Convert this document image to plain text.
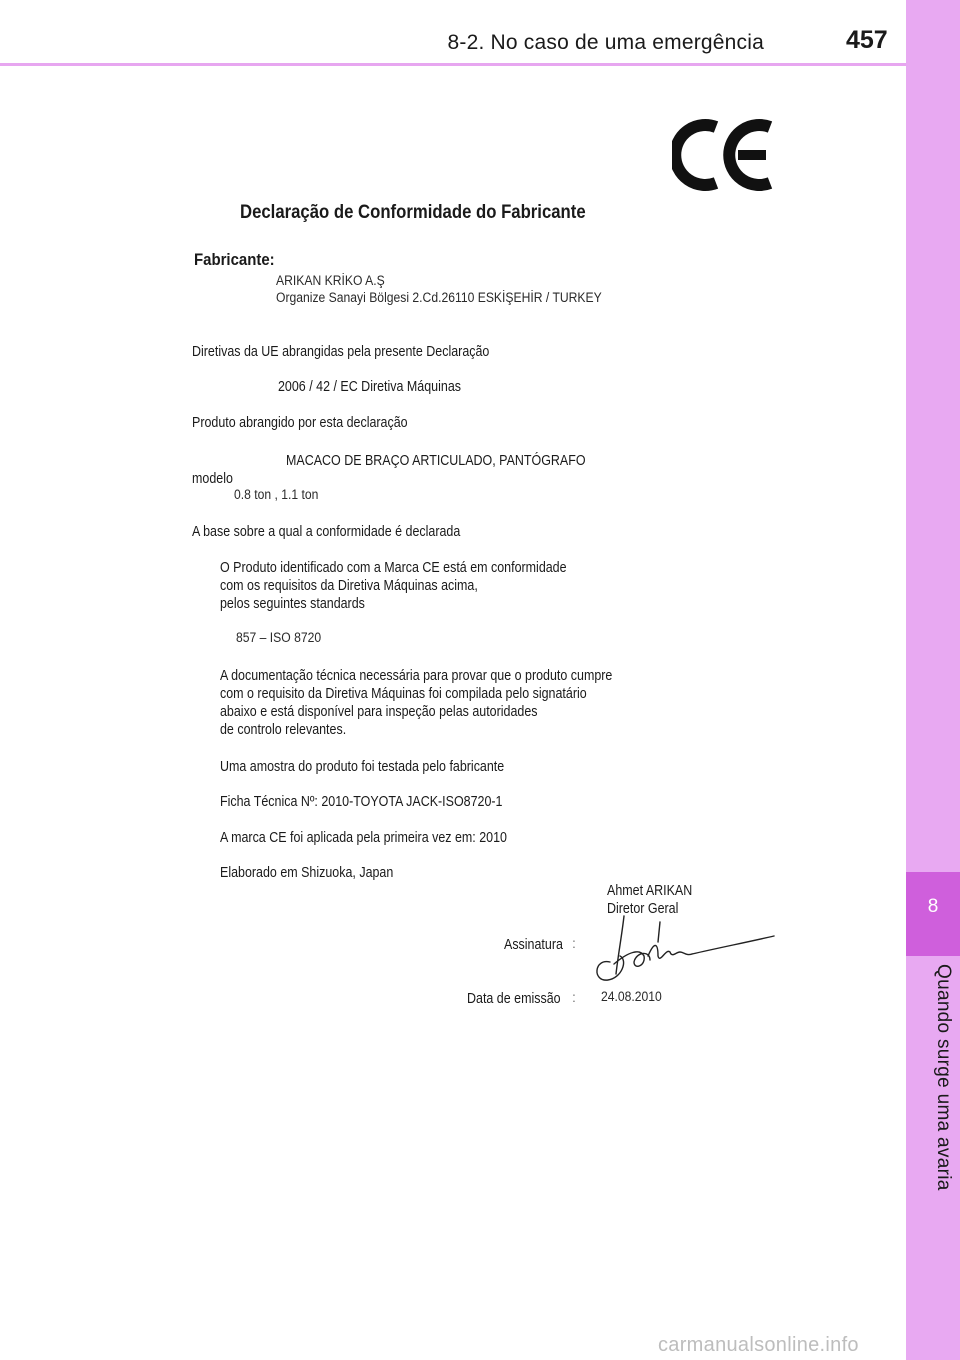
8-2. No caso de uma emergência	457
8
Quando surge uma avaria
Declaração de Conformidade do Fabricante
Fabricante:
ARIKAN KRİKO A.Ş
Organize Sanayi Bölgesi 2.Cd.26110 ESKİŞEHİR / TURKEY
Diretivas da UE abrangidas pela presente Declaração
2006 / 42 / EC Diretiva Máquinas
Produto abrangido por esta declaração
MACACO DE BRAÇO ARTICULADO, PANTÓGRAFO
modelo
0.8 ton , 1.1 ton
A base sobre a qual a conformidade é declarada
O Produto identificado com a Marca CE está em conformidade
com os requisitos da Diretiva Máquinas acima,
pelos seguintes standards
857 – ISO 8720
A documentação técnica necessária para provar que o produto cumpre
com o requisito da Diretiva Máquinas foi compilada pelo signatário
abaixo e está disponível para inspeção pelas autoridades
de controlo relevantes.
Uma amostra do produto foi testada pelo fabricante
Ficha Técnica Nº: 2010-TOYOTA JACK-ISO8720-1
A marca CE foi aplicada pela primeira vez em: 2010
Elaborado em Shizuoka, Japan
Ahmet ARIKAN
Diretor Geral
Assinatura :
Data de emissão : 24.08.2010
carmanualsonline.info
